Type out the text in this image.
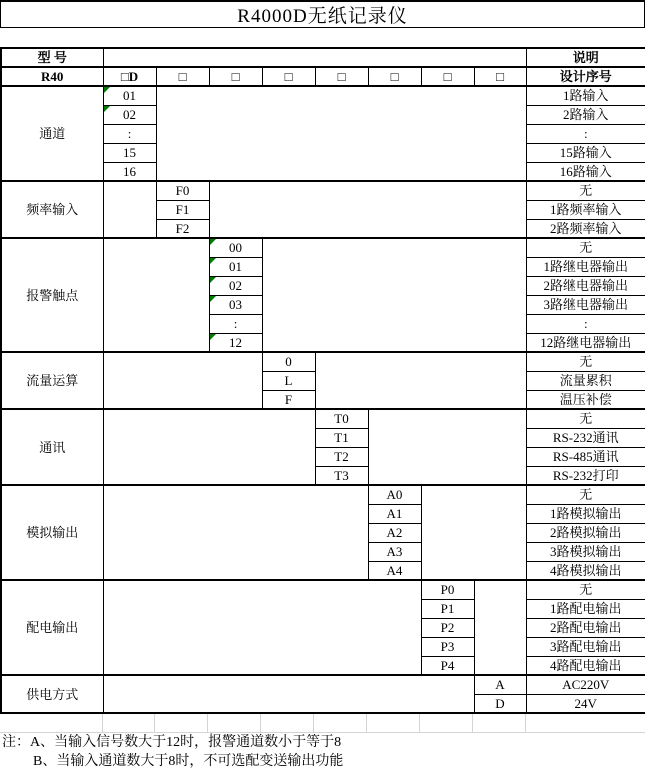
R4000D无纸记录仪
型 号									说明
R40	□D	□	□	□	□	□	□	□	设计序号
通道	01								1路输入
	02								2路输入
	:								:
	15								15路输入
	16								16路输入
频率输入		F0							无
		F1							1路频率输入
		F2							2路频率输入
报警触点			00						无
			01						1路继电器输出
			02						2路继电器输出
			03						3路继电器输出
			:						:
			12						12路继电器输出
流量运算				0					无
				L					流量累积
				F					温压补偿
通讯					T0				无
					T1				RS-232通讯
					T2				RS-485通讯
					T3				RS-232打印
模拟输出						A0			无
						A1			1路模拟输出
						A2			2路模拟输出
						A3			3路模拟输出
						A4			4路模拟输出
配电输出							P0		无
							P1		1路配电输出
							P2		2路配电输出
							P3		3路配电输出
							P4		4路配电输出
供电方式								A	AC220V
								D	24V
注：A、当输入信号数大于12时，报警通道数小于等于8
B、当输入通道数大于8时，不可选配变送输出功能
